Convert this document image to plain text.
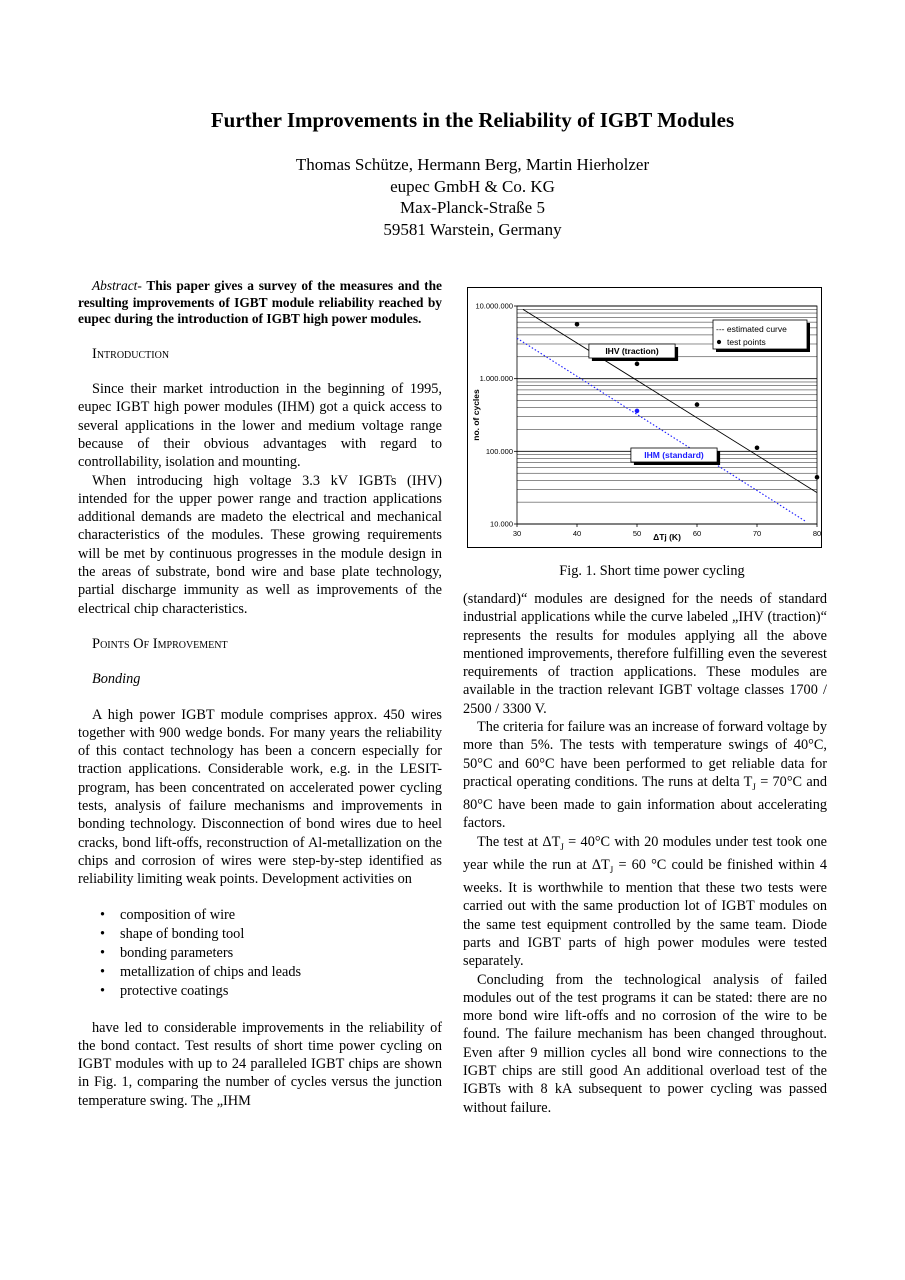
Further Improvements in the Reliability of IGBT Modules
Thomas Schütze, Hermann Berg, Martin Hierholzer
eupec GmbH & Co. KG
Max-Planck-Straße 5
59581 Warstein, Germany

Abstract- This paper gives a survey of the measures and the resulting improvements of IGBT module reliability reached by eupec during the introduction of IGBT high power modules.

Introduction

Since their market introduction in the beginning of 1995, eupec IGBT high power modules (IHM) got a quick access to several applications in the lower and medium voltage range because of their obvious advantages with regard to controllability, isolation and mounting.

When introducing high voltage 3.3 kV IGBTs (IHV) intended for the upper power range and traction applications additional demands are madeto the electrical and mechanical characteristics of the modules. These growing requirements will be met by continuous progresses in the module design in the areas of substrate, bond wire and base plate technology, partial discharge immunity as well as improvements of the electrical chip characteristics.

Points Of Improvement

Bonding

A high power IGBT module comprises approx. 450 wires together with 900 wedge bonds. For many years the reliability of this contact technology has been a concern especially for traction applications. Considerable work, e.g. in the LESIT-program, has been concentrated on accelerated power cycling tests, analysis of failure mechanisms and improvements in bonding technology. Disconnection of bond wires due to heel cracks, bond lift-offs, reconstruction of Al-metallization on the chips and corrosion of wires were step-by-step identified as reliability limiting weak points. Development activities on

• composition of wire
• shape of bonding tool
• bonding parameters
• metallization of chips and leads
• protective coatings

have led to considerable improvements in the reliability of the bond contact. Test results of short time power cycling on IGBT modules with up to 24 paralleled IGBT chips are shown in Fig. 1, comparing the number of cycles versus the junction temperature swing. The „IHM

10.000
100.000
1.000.000
10.000.000
30	40	50	60	70	80
ΔTj (K)
no. of cycles
IHV (traction)
IHM (standard)
--- estimated curve
test points
Fig. 1. Short time power cycling

(standard)“ modules are designed for the needs of standard industrial applications while the curve labeled „IHV (traction)“ represents the results for modules applying all the above mentioned improvements, therefore fulfilling even the severest requirements of traction applications. These modules are available in the traction relevant IGBT voltage classes 1700 / 2500 / 3300 V.

The criteria for failure was an increase of forward voltage by more than 5%. The tests with temperature swings of 40°C, 50°C and 60°C have been performed to get reliable data for practical operating conditions. The runs at delta $T_J = 70^\circ C$ and 80°C have been made to gain information about accelerating factors.

The test at $\Delta T_J = 40^\circ C$ with 20 modules under test took one year while the run at $\Delta T_J = 60$ °C could be finished within 4 weeks. It is worthwhile to mention that these two tests were carried out with the same production lot of IGBT modules on the same test equipment controlled by the same team. Diode parts and IGBT parts of high power modules were tested separately.

Concluding from the technological analysis of failed modules out of the test programs it can be stated: there are no more bond wire lift-offs and no corrosion of the wire to be found. The failure mechanism has been changed throughout. Even after 9 million cycles all bond wire connections to the IGBT chips are still good An additional overload test of the IGBTs with 8 kA subsequent to power cycling was passed without failure.
